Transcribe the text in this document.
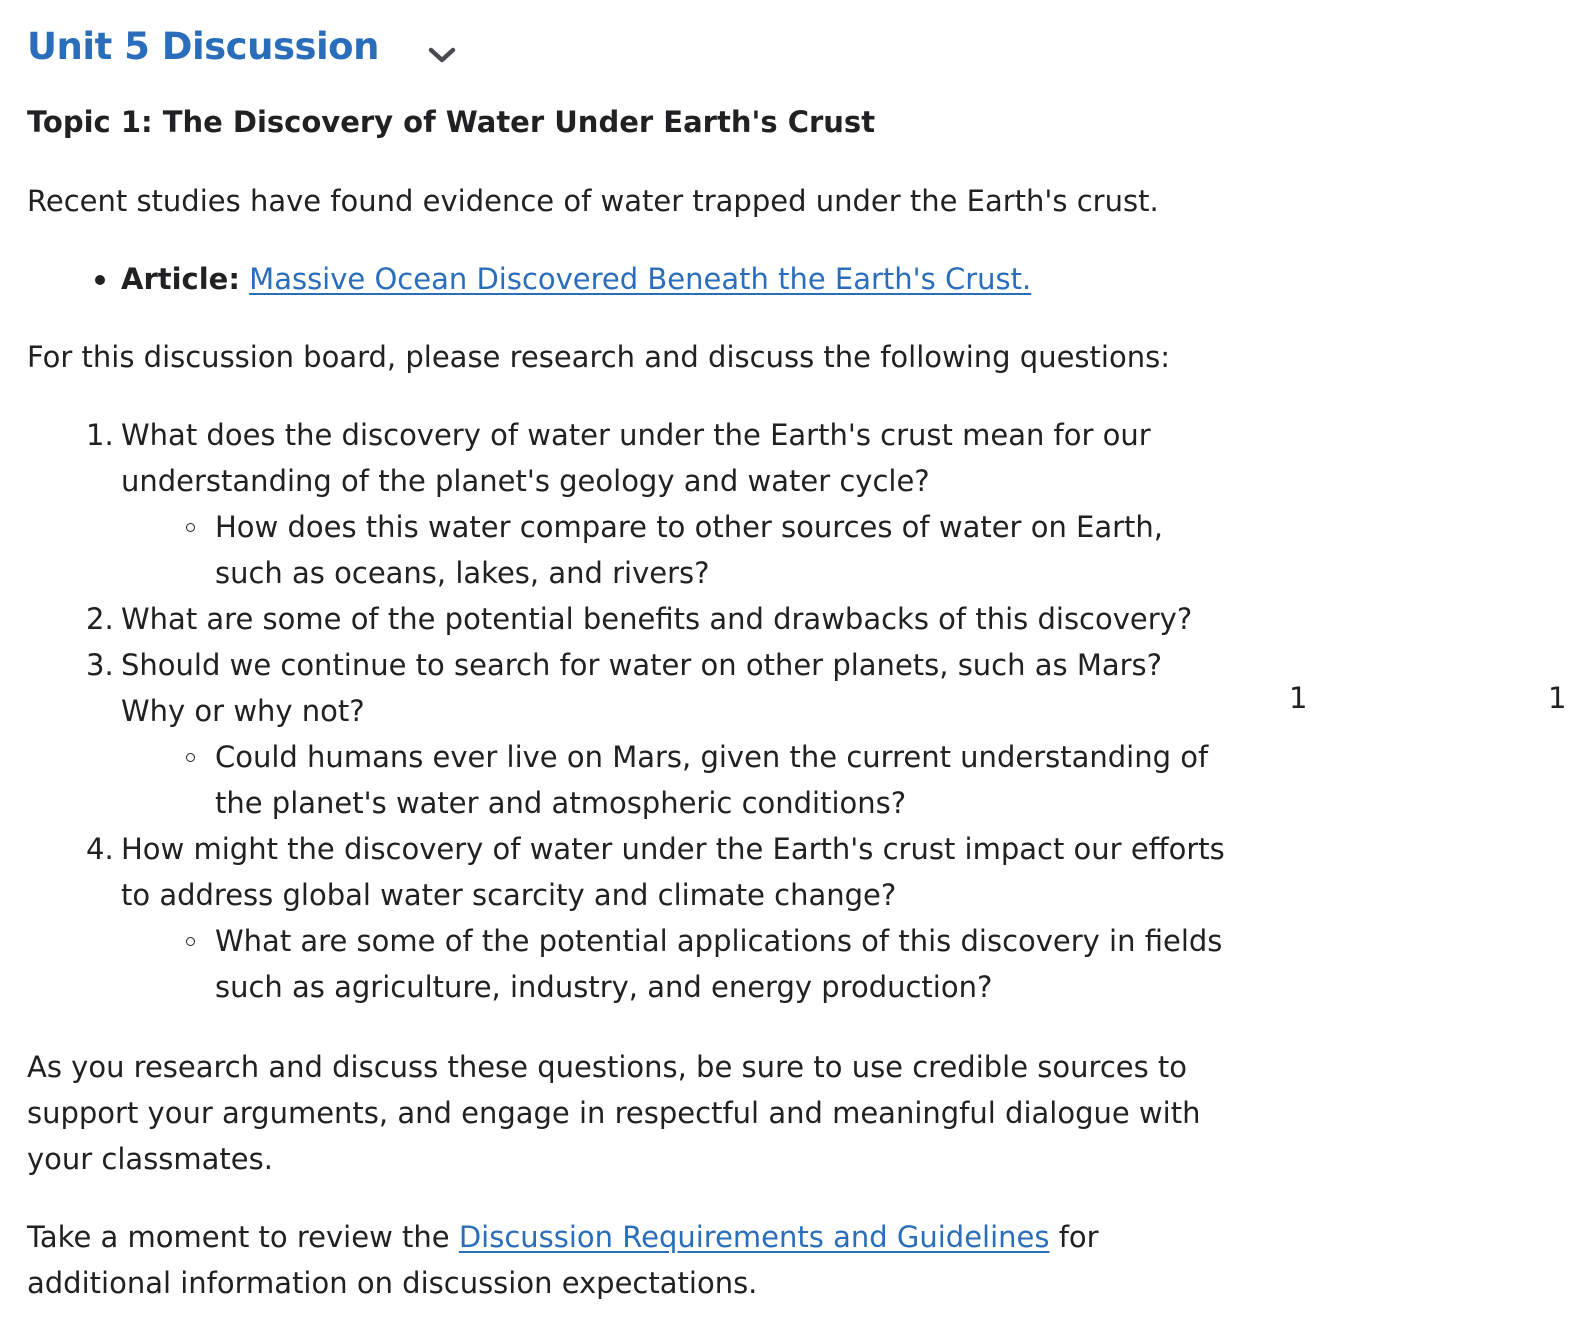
Unit 5 Discussion

Topic 1: The Discovery of Water Under Earth's Crust

Recent studies have found evidence of water trapped under the Earth's crust.

Article: Massive Ocean Discovered Beneath the Earth's Crust.

For this discussion board, please research and discuss the following questions:

1. What does the discovery of water under the Earth's crust mean for our understanding of the planet's geology and water cycle?
How does this water compare to other sources of water on Earth, such as oceans, lakes, and rivers?
2. What are some of the potential benefits and drawbacks of this discovery?
3. Should we continue to search for water on other planets, such as Mars? Why or why not?
Could humans ever live on Mars, given the current understanding of the planet's water and atmospheric conditions?
4. How might the discovery of water under the Earth's crust impact our efforts to address global water scarcity and climate change?
What are some of the potential applications of this discovery in fields such as agriculture, industry, and energy production?

As you research and discuss these questions, be sure to use credible sources to support your arguments, and engage in respectful and meaningful dialogue with your classmates.

Take a moment to review the Discussion Requirements and Guidelines for additional information on discussion expectations.

1	1
